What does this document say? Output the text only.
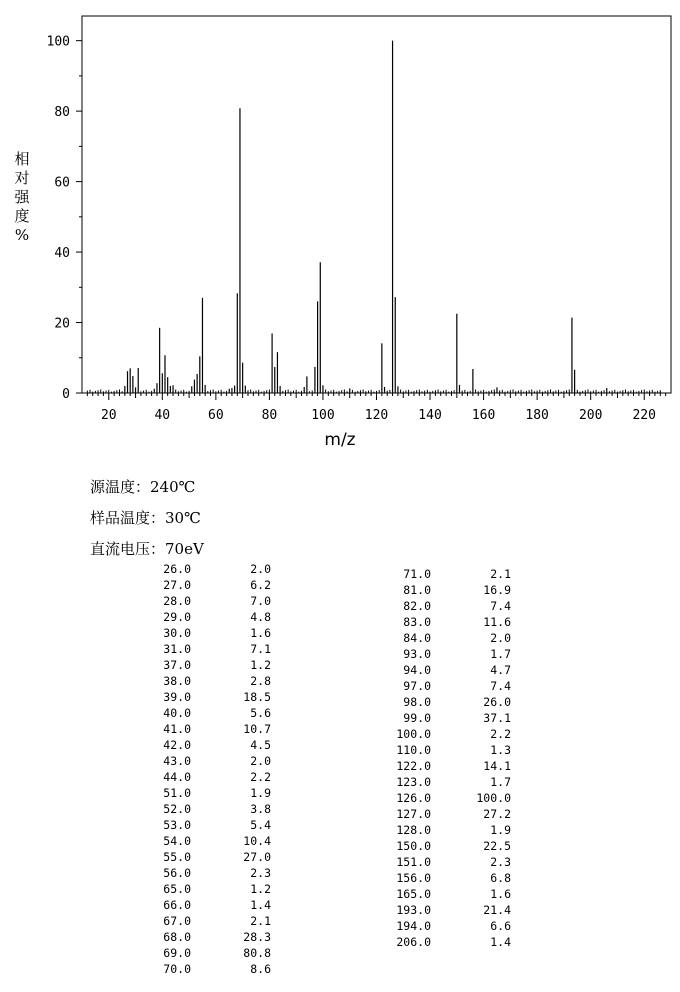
0
20
40
60
80
100
20	40	60	80	100 120 140 160 180 200 220
相
对
强
度
%
m/z
源温度：240℃
样品温度：30℃
直流电压：70eV
26.0	2.0
27.0	6.2
28.0	7.0
29.0	4.8
30.0	1.6
31.0	7.1
37.0	1.2
38.0	2.8
39.0	18.5
40.0	5.6
41.0	10.7
42.0	4.5
43.0	2.0
44.0	2.2
51.0	1.9
52.0	3.8
53.0	5.4
54.0	10.4
55.0	27.0
56.0	2.3
65.0	1.2
66.0	1.4
67.0	2.1
68.0	28.3
69.0	80.8
70.0	8.6
71.0	2.1
81.0	16.9
82.0	7.4
83.0	11.6
84.0	2.0
93.0	1.7
94.0	4.7
97.0	7.4
98.0	26.0
99.0	37.1
100.0	2.2
110.0	1.3
122.0	14.1
123.0	1.7
126.0	100.0
127.0	27.2
128.0	1.9
150.0	22.5
151.0	2.3
156.0	6.8
165.0	1.6
193.0	21.4
194.0	6.6
206.0	1.4
